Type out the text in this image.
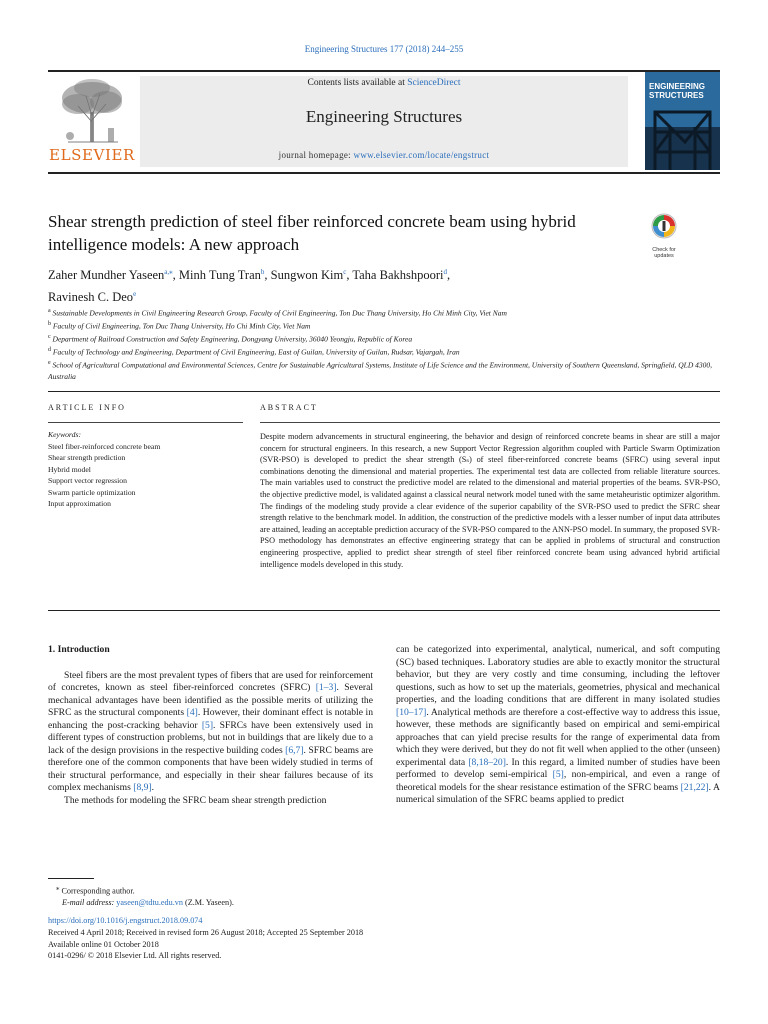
Engineering Structures 177 (2018) 244–255
ELSEVIER
Contents lists available at ScienceDirect
Engineering Structures
journal homepage: www.elsevier.com/locate/engstruct
ENGINEERING
STRUCTURES
Shear strength prediction of steel fiber reinforced concrete beam using hybrid intelligence models: A new approach	Check for
updates
Zaher Mundher Yaseen$^{a,⁎}$, Minh Tung Tran$^b$, Sungwon Kim$^c$, Taha Bakhshpoori$^d$,
Ravinesh C. Deo$^e$
$^a$ Sustainable Developments in Civil Engineering Research Group, Faculty of Civil Engineering, Ton Duc Thang University, Ho Chi Minh City, Viet Nam
$^b$ Faculty of Civil Engineering, Ton Duc Thang University, Ho Chi Minh City, Viet Nam
$^c$ Department of Railroad Construction and Safety Engineering, Dongyang University, 36040 Yeongju, Republic of Korea
$^d$ Faculty of Technology and Engineering, Department of Civil Engineering, East of Guilan, University of Guilan, Rudsar, Vajargah, Iran
$^e$ School of Agricultural Computational and Environmental Sciences, Centre for Sustainable Agricultural Systems, Institute of Life Science and the Environment, University of Southern Queensland, Springfield, QLD 4300, Australia
ARTICLE INFO	ABSTRACT
Keywords:
Steel fiber-reinforced concrete beam
Shear strength prediction
Hybrid model
Support vector regression
Swarm particle optimization
Input approximation
Despite modern advancements in structural engineering, the behavior and design of reinforced concrete beams in shear are still a major concern for structural engineers. In this research, a new Support Vector Regression algorithm coupled with Particle Swarm Optimization (SVR-PSO) is developed to predict the shear strength (Sₛ) of steel fiber-reinforced concrete beams (SFRC) using several input combinations denoting the dimensional and material properties. The experimental test data are collected from reliable literature sources. The main variables used to construct the predictive model are related to the dimensional and material properties of the beams. SVR-PSO, the objective predictive model, is validated against a classical neural network model tuned with the same metaheuristic optimizer algorithm. The findings of the modeling study provide a clear evidence of the superior capability of the SVR-PSO used to predict the SFRC shear strength relative to the benchmark model. In addition, the construction of the predictive models with a lesser number of input data attributes are attained, leading an acceptable prediction accuracy of the SVR-PSO compared to the ANN-PSO model. In summary, the proposed SVR-PSO methodology has demonstrates an effective engineering strategy that can be applied in problems of structural and construction engineering prospective, applied to predict shear strength of steel fiber reinforced concrete beam using advanced hybrid artificial intelligence models developed in this study.

1. Introduction

Steel fibers are the most prevalent types of fibers that are used for reinforcement of concretes, known as steel fiber-reinforced concretes (SFRC) [1–3]. Several mechanical advantages have been identified as the possible merits of utilizing the SFRC as the structural components [4]. However, their dominant effect is notable in enhancing the post-cracking behavior [5]. SFRCs have been extensively used in different types of construction problems, but not in buildings that are likely due to a lack of the design provisions in the respective building codes [6,7]. SFRC beams are therefore one of the common components that have been widely studied in terms of their structural performance, and especially in their shear failures because of its complex mechanisms [8,9].

The methods for modeling the SFRC beam shear strength prediction

can be categorized into experimental, analytical, numerical, and soft computing (SC) based techniques. Laboratory studies are able to exactly monitor the structural behavior, but they are very costly and time consuming, including the leftover questions, such as how to set up the materials, geometries, physical and mechanical properties, and the loading conditions that are different in many isolated studies [10–17]. Analytical methods are therefore a cost-effective way to address this issue, however, these methods are significantly based on empirical and semi-empirical approaches that can yield precise results for the range of experimental data from which they were derived, but they do not fit well when applied to the other (unseen) experimental data [8,18–20]. In this regard, a limited number of studies have been performed to develop semi-empirical [5], non-empirical, and even a range of theoretical models for the shear resistance estimation of the SFRC beams [21,22]. A numerical simulation of the SFRC beams applied to predict

⁎ Corresponding author.
E-mail address: yaseen@tdtu.edu.vn (Z.M. Yaseen).
https://doi.org/10.1016/j.engstruct.2018.09.074
Received 4 April 2018; Received in revised form 26 August 2018; Accepted 25 September 2018
Available online 01 October 2018
0141-0296/ © 2018 Elsevier Ltd. All rights reserved.
